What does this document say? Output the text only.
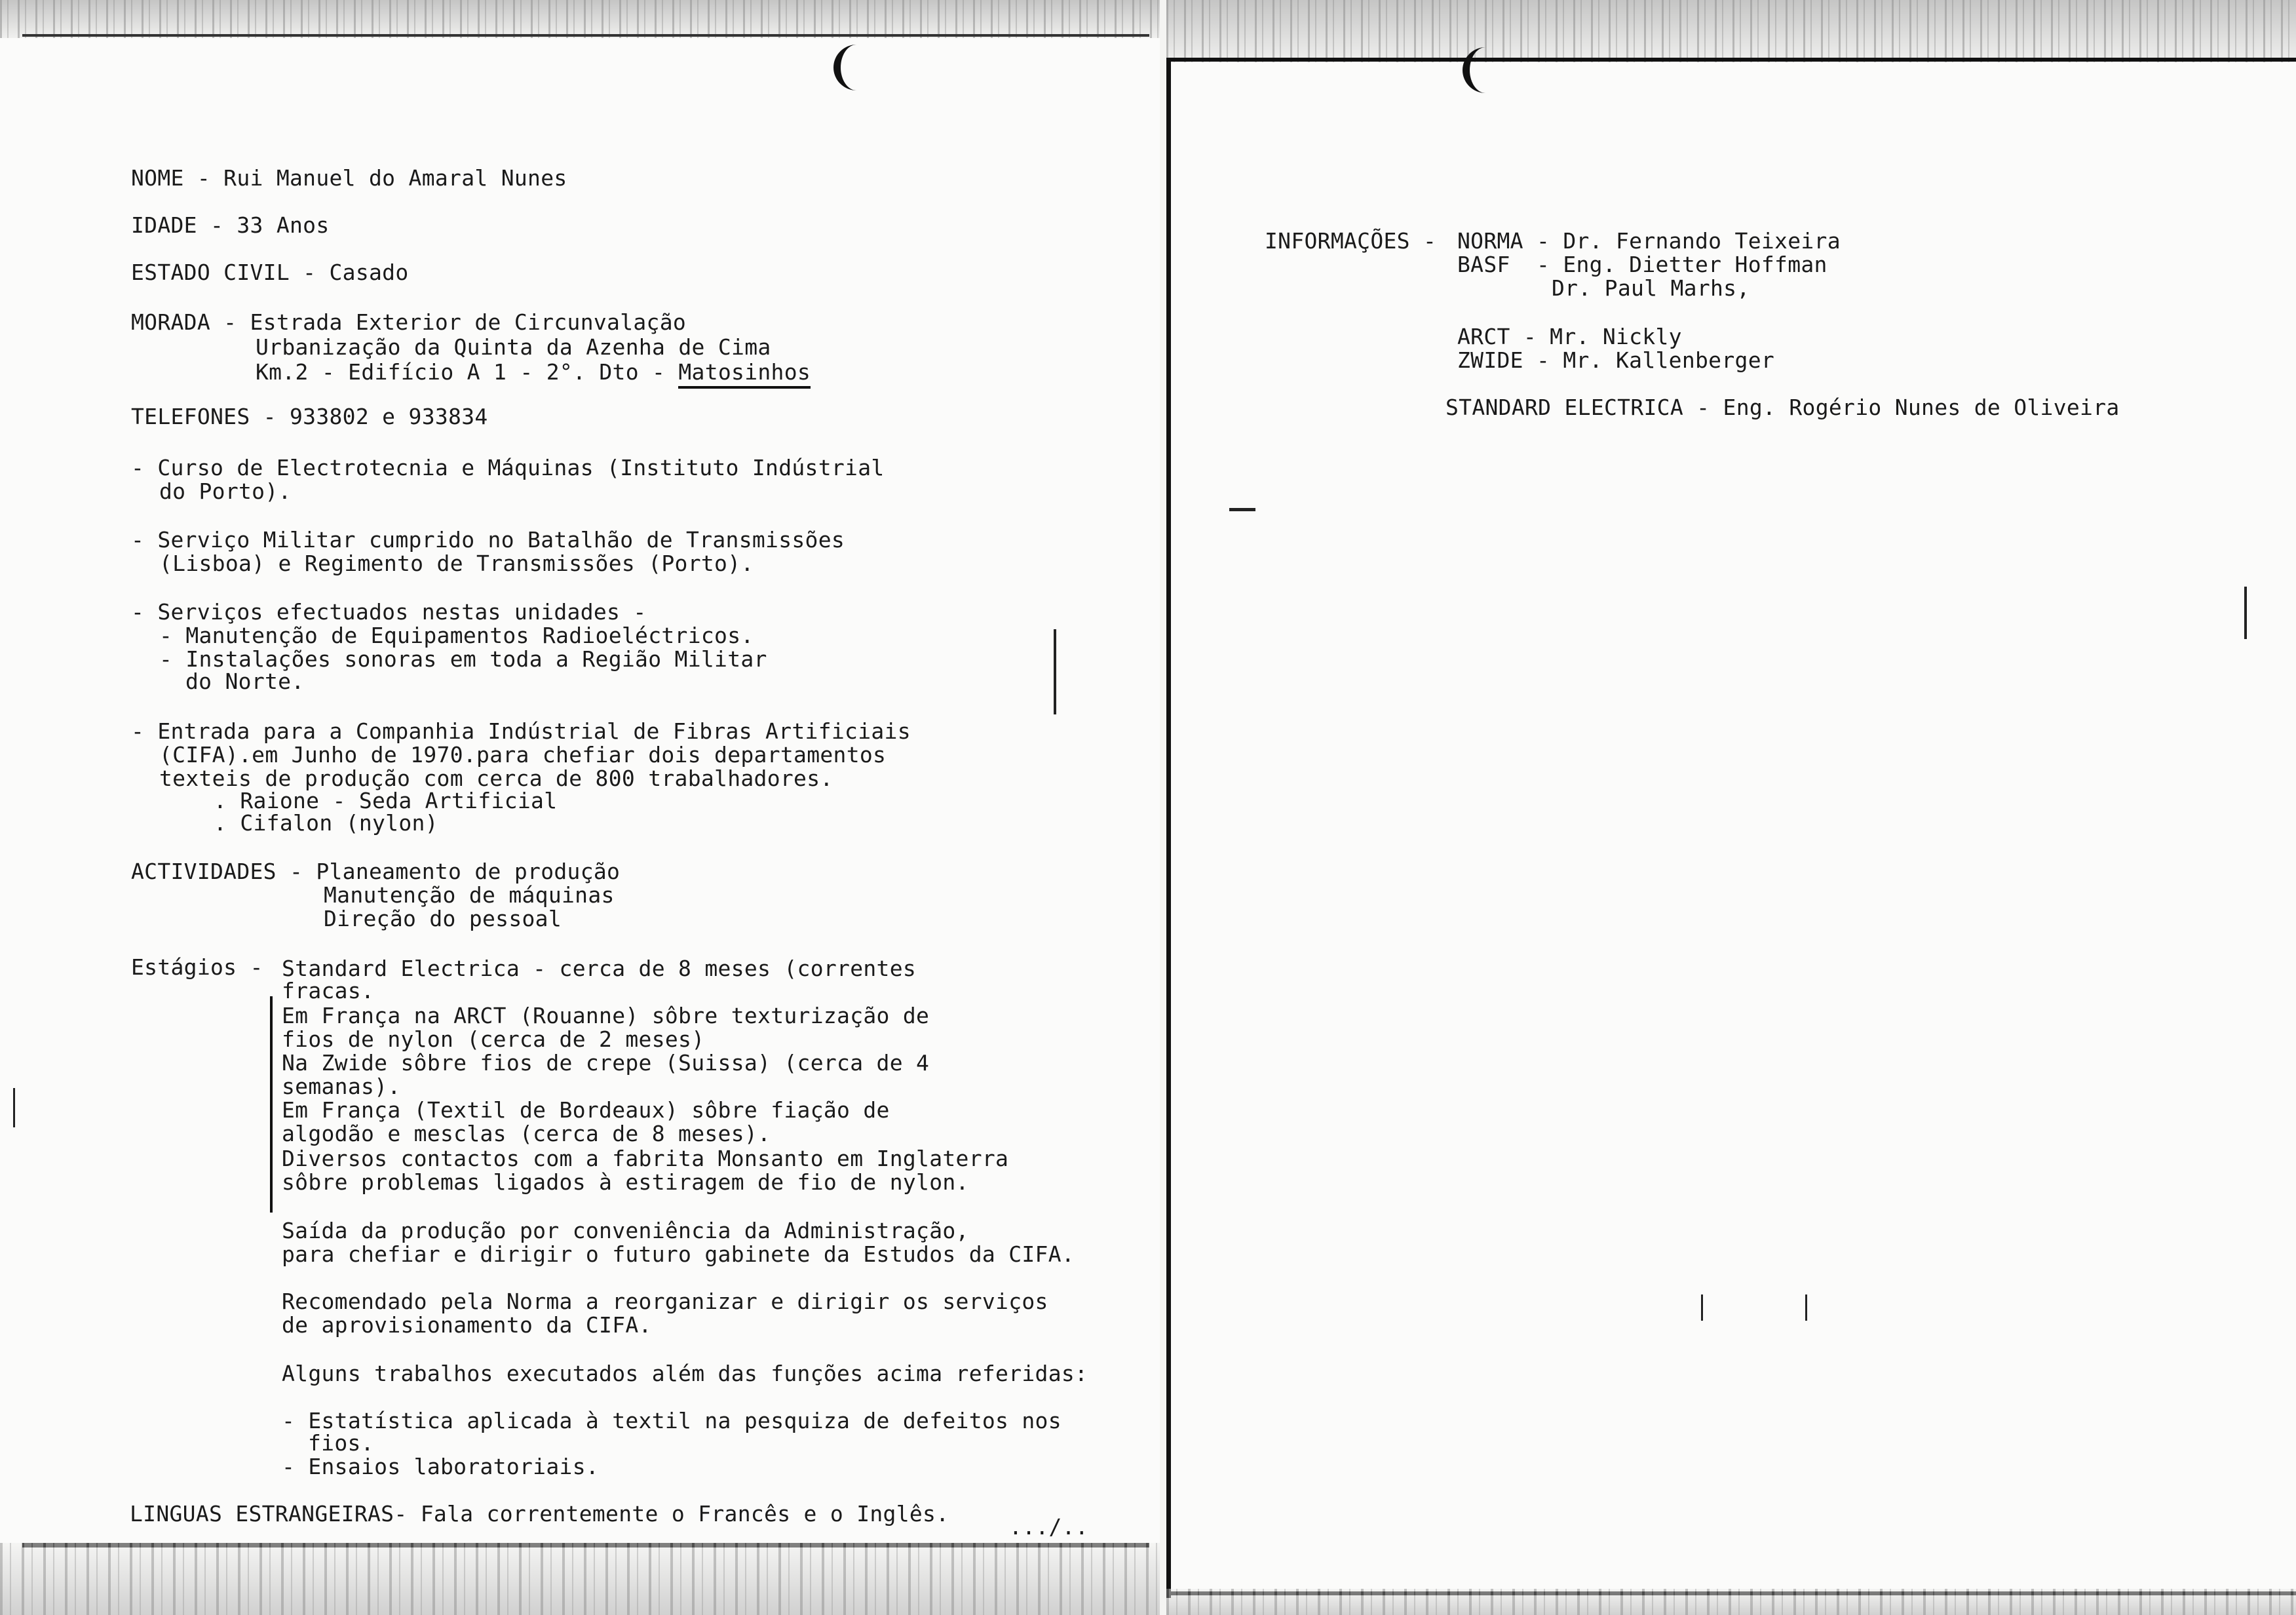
NOME - Rui Manuel do Amaral Nunes
IDADE - 33 Anos
ESTADO CIVIL - Casado
MORADA - Estrada Exterior de Circunvalação
Urbanização da Quinta da Azenha de Cima
Km.2 - Edifício A 1 - 2°. Dto - Matosinhos
TELEFONES - 933802 e 933834
- Curso de Electrotecnia e Máquinas (Instituto Indústrial
do Porto).
- Serviço Militar cumprido no Batalhão de Transmissões
(Lisboa) e Regimento de Transmissões (Porto).
- Serviços efectuados nestas unidades -
- Manutenção de Equipamentos Radioeléctricos.
- Instalações sonoras em toda a Região Militar
do Norte.
- Entrada para a Companhia Indústrial de Fibras Artificiais
(CIFA).em Junho de 1970.para chefiar dois departamentos
texteis de produção com cerca de 800 trabalhadores.
. Raione - Seda Artificial
. Cifalon (nylon)
ACTIVIDADES - Planeamento de produção
Manutenção de máquinas
Direção do pessoal
Estágios - Standard Electrica - cerca de 8 meses (correntes
fracas.
Em França na ARCT (Rouanne) sôbre texturização de
fios de nylon (cerca de 2 meses)
Na Zwide sôbre fios de crepe (Suissa) (cerca de 4
semanas).
Em França (Textil de Bordeaux) sôbre fiação de
algodão e mesclas (cerca de 8 meses).
Diversos contactos com a fabrita Monsanto em Inglaterra
sôbre problemas ligados à estiragem de fio de nylon.
Saída da produção por conveniência da Administração,
para chefiar e dirigir o futuro gabinete da Estudos da CIFA.
Recomendado pela Norma a reorganizar e dirigir os serviços
de aprovisionamento da CIFA.
Alguns trabalhos executados além das funções acima referidas:
- Estatística aplicada à textil na pesquiza de defeitos nos
fios.
- Ensaios laboratoriais.
LINGUAS ESTRANGEIRAS- Fala correntemente o Francês e o Inglês.
.../..
INFORMAÇÕES - NORMA - Dr. Fernando Teixeira
BASF  - Eng. Dietter Hoffman
Dr. Paul Marhs,
ARCT - Mr. Nickly
ZWIDE - Mr. Kallenberger
STANDARD ELECTRICA - Eng. Rogério Nunes de Oliveira
